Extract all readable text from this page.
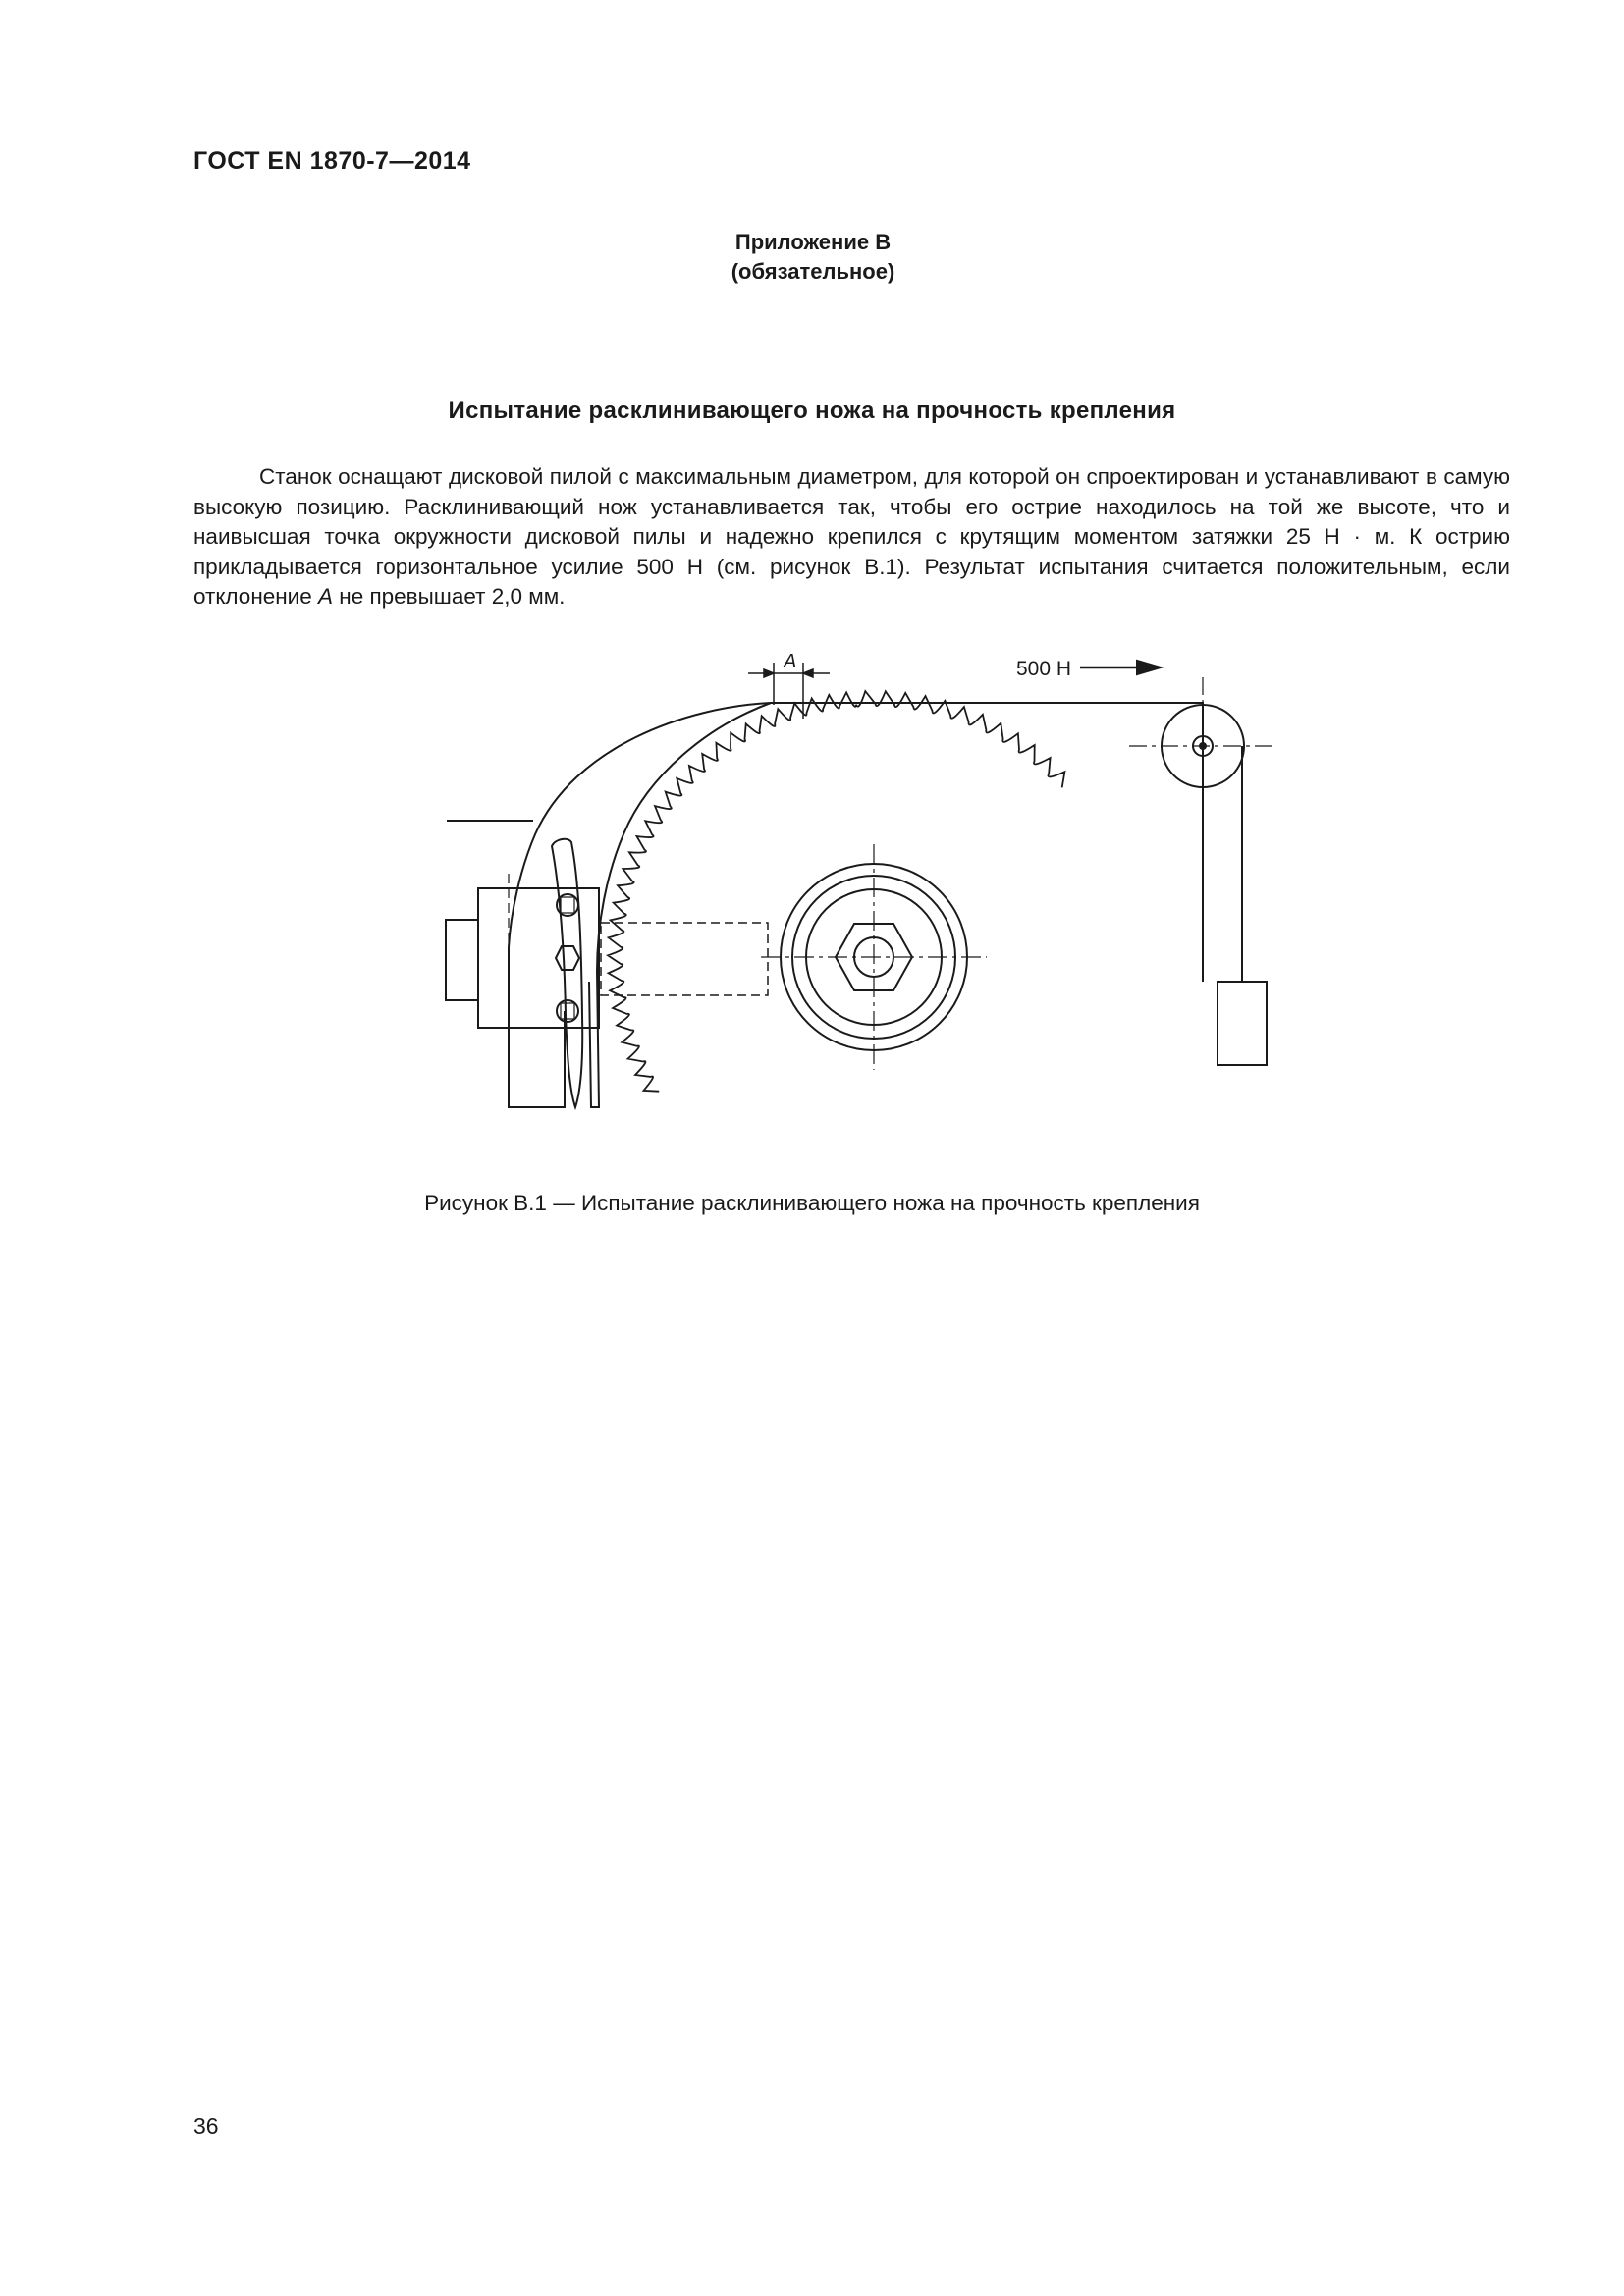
ГОСТ EN 1870-7—2014
Приложение В
(обязательное)
Испытание расклинивающего ножа на прочность крепления

Станок оснащают дисковой пилой с максимальным диаметром, для которой он спроектирован и устанавливают в самую высокую позицию. Расклинивающий нож устанавливается так, чтобы его острие находилось на той же высоте, что и наивысшая точка окружности дисковой пилы и надежно крепился с крутящим моментом затяжки 25 Н · м. К острию прикладывается горизонтальное усилие 500 Н (см. рисунок В.1). Результат испытания считается положительным, если отклонение А не превышает 2,0 мм.

А	500 Н
Рисунок В.1 — Испытание расклинивающего ножа на прочность крепления
36
